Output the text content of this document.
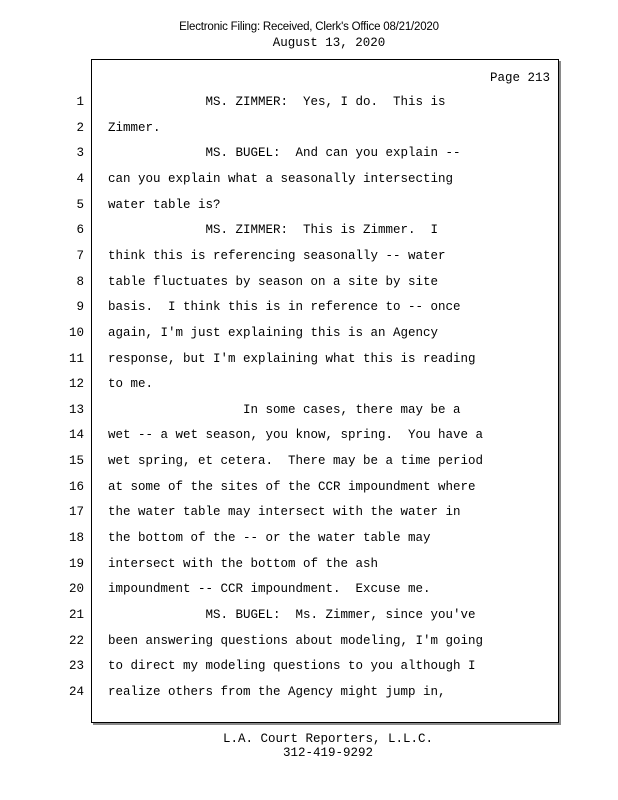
Electronic Filing: Received, Clerk's Office 08/21/2020
August 13, 2020
Page 213
1 MS. ZIMMER:  Yes, I do.  This is
2 Zimmer.
3 MS. BUGEL:  And can you explain --
4 can you explain what a seasonally intersecting
5 water table is?
6 MS. ZIMMER:  This is Zimmer.  I
7 think this is referencing seasonally -- water
8 table fluctuates by season on a site by site
9 basis.  I think this is in reference to -- once
10 again, I'm just explaining this is an Agency
11 response, but I'm explaining what this is reading
12 to me.
13 In some cases, there may be a
14 wet -- a wet season, you know, spring.  You have a
15 wet spring, et cetera.  There may be a time period
16 at some of the sites of the CCR impoundment where
17 the water table may intersect with the water in
18 the bottom of the -- or the water table may
19 intersect with the bottom of the ash
20 impoundment -- CCR impoundment.  Excuse me.
21 MS. BUGEL:  Ms. Zimmer, since you've
22 been answering questions about modeling, I'm going
23 to direct my modeling questions to you although I
24 realize others from the Agency might jump in,
L.A. Court Reporters, L.L.C.
312-419-9292
